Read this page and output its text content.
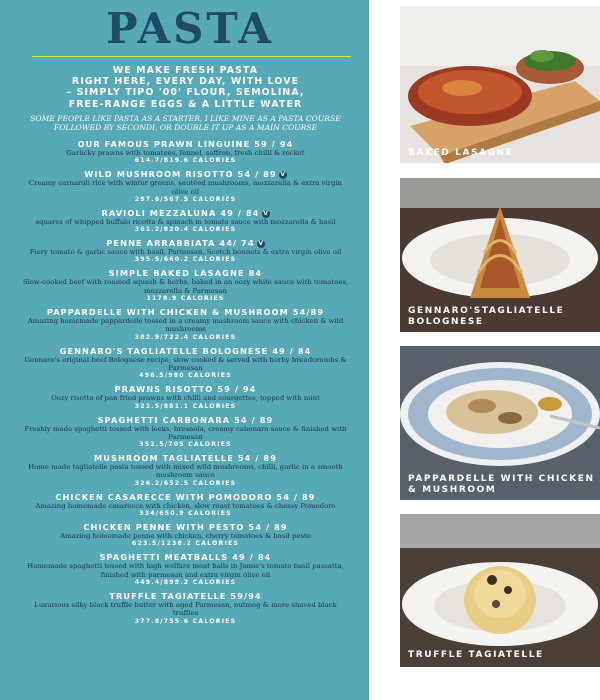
PASTA
WE MAKE FRESH PASTA
RIGHT HERE, EVERY DAY, WITH LOVE
– SIMPLY TIPO '00' FLOUR, SEMOLINA,
FREE-RANGE EGGS & A LITTLE WATER
SOME PEOPLE LIKE PASTA AS A STARTER, I LIKE MINE AS A PASTA COURSE FOLLOWED BY SECONDI, OR DOUBLE IT UP AS A MAIN COURSE
OUR FAMOUS PRAWN LINGUINE 59 / 94
Garlicky prawns with tomatoes, fennel, saffron, fresh chilli & rocket
614.7/819.6 CALORIES
WILD MUSHROOM RISOTTO 54 / 89 V
Creamy carnaroli rice with winter greens, sautéed mushrooms, mozzarella & extra virgin olive oil
297.6/567.5 CALORIES
RAVIOLI MEZZALUNA 49 / 84 V
squares of whipped buffalo ricotta & spinach in tomato sauce with mozzarella & basil
361.2/820.4 CALORIES
PENNE ARRABBIATA 44/ 74 V
Fiery tomato & garlic sauce with basil, Parmesan, Scotch bonnets & extra virgin olive oil
395.5/660.2 CALORIES
SIMPLE BAKED LASAGNE 84
Slow-cooked beef with roasted squash & herbs, baked in an oozy white sauce with tomatoes, mozzarella & Parmesan
1178.9 CALORIES
PAPPARDELLE WITH CHICKEN & MUSHROOM 54/89
Amazing homemade pappardelle tossed in a creamy mashroom sauce with chicken & wild mushrooms
382.9/722.4 CALORIES
GENNARO'S TAGLIATELLE BOLOGNESE 49 / 84
Gennaro's original beef Bolognese recipe, slow cooked & served with herby breadcrumbs & Parmesan
496.5/980 CALORIES
PRAWNS RISOTTO 59 / 94
Oozy risotto of pan fried prawns with chilli and courgettes, topped with mint
323.5/881.1 CALORIES
SPAGHETTI CARBONARA 54 / 89
Freshly made spaghetti tossed with leeks, bresaola, creamy cabonara sauce & finished with Parmesan
352.5/705 CALORIES
MUSHROOM TAGLIATELLE 54 / 89
Home made tagliatelle pasta tossed with mixed wild mushrooms, chilli, garlic in a smooth mushroom sauce
326.2/652.5 CALORIES
CHICKEN CASARECCE WITH POMODORO 54 / 89
Amazing homemade casarecce with chicken, slow roast tomatoes & chessy Pomodoro
334/650.9 CALORIES
CHICKEN PENNE WITH PESTO 54 / 89
Amazing homemade penne with chicken, cherry tomatoes & basil pesto
623.5/1238.2 CALORIES
SPAGHETTI MEATBALLS 49 / 84
Homemade spaghetti tossed with high welfare meat balls in Jamie's tomato basil passatta, finished with parmesan and extra virgin olive oil
449.4/898.2 CALORIES
TRUFFLE TAGIATELLE 59/94
Luxurious silky black truffle butter with aged Parmesan, nutmeg & more shaved black truffles
377.8/755.6 CALORIES
BAKED LASAGNE
GENNARO'STAGLIATELLE BOLOGNESE
PAPPARDELLE WITH CHICKEN & MUSHROOM
TRUFFLE TAGIATELLE
